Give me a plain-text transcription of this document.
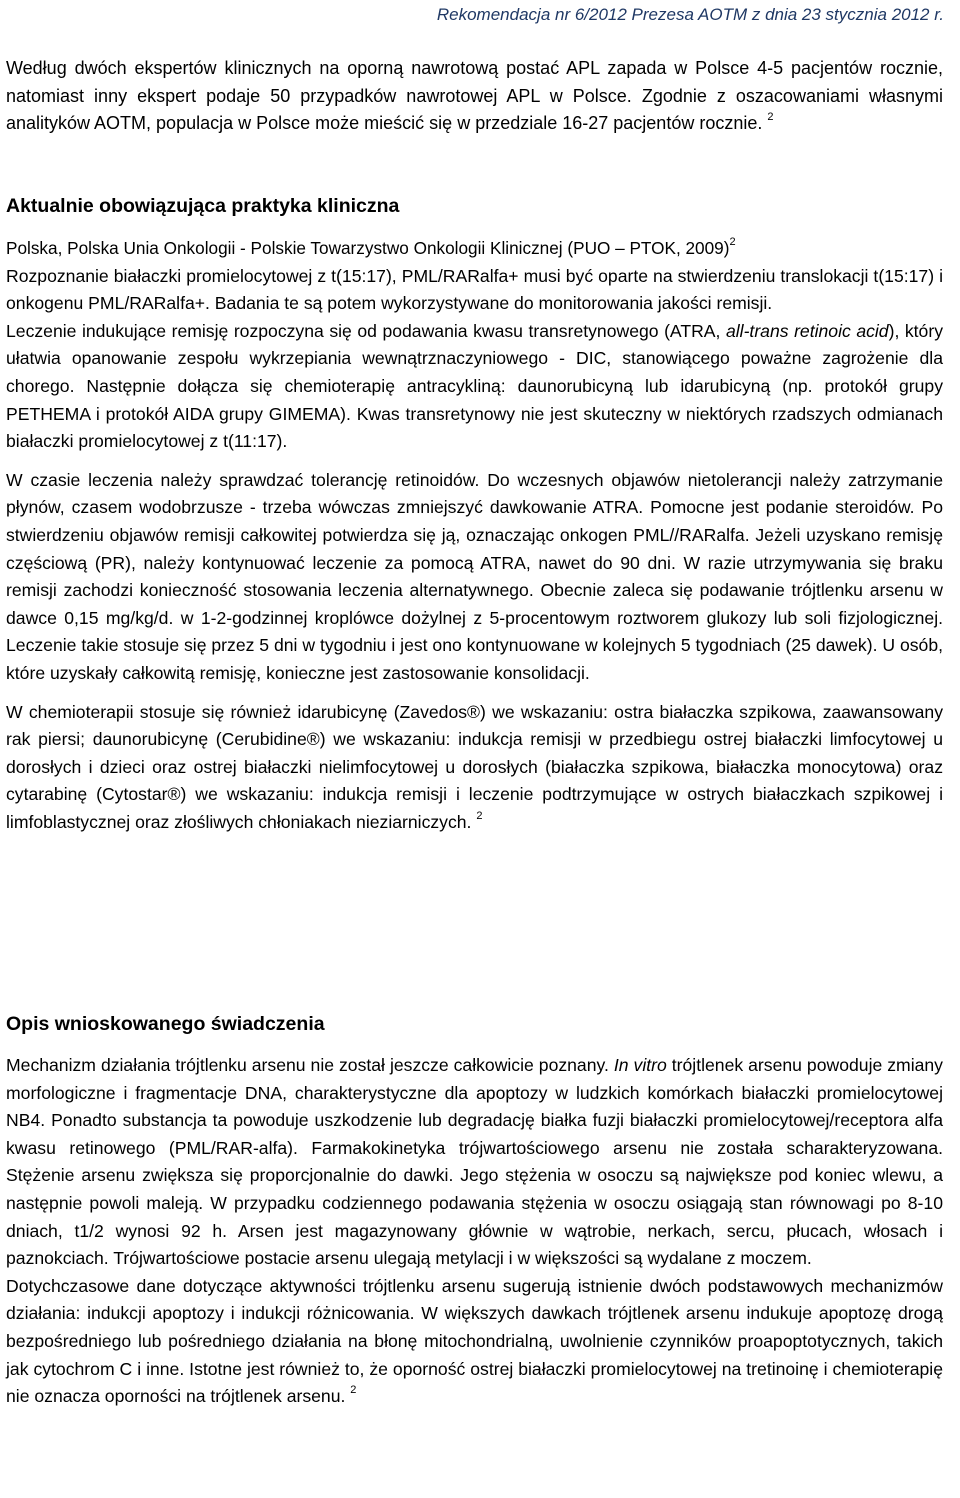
Rekomendacja nr 6/2012 Prezesa AOTM z dnia 23 stycznia 2012 r.

Według dwóch ekspertów klinicznych na oporną nawrotową postać APL zapada w Polsce 4-5 pacjentów rocznie, natomiast inny ekspert podaje 50 przypadków nawrotowej APL w Polsce. Zgodnie z oszacowaniami własnymi analityków AOTM, populacja w Polsce może mieścić się w przedziale 16-27 pacjentów rocznie. $^2$

Aktualnie obowiązująca praktyka kliniczna

Polska, Polska Unia Onkologii - Polskie Towarzystwo Onkologii Klinicznej (PUO – PTOK, 2009)$^2$

Rozpoznanie białaczki promielocytowej z t(15:17), PML/RARalfa+ musi być oparte na stwierdzeniu translokacji t(15:17) i onkogenu PML/RARalfa+. Badania te są potem wykorzystywane do monitorowania jakości remisji.

Leczenie indukujące remisję rozpoczyna się od podawania kwasu transretynowego (ATRA, all-trans retinoic acid), który ułatwia opanowanie zespołu wykrzepiania wewnątrznaczyniowego - DIC, stanowiącego poważne zagrożenie dla chorego. Następnie dołącza się chemioterapię antracykliną: daunorubicyną lub idarubicyną (np. protokół grupy PETHEMA i protokół AIDA grupy GIMEMA). Kwas transretynowy nie jest skuteczny w niektórych rzadszych odmianach białaczki promielocytowej z t(11:17).

W czasie leczenia należy sprawdzać tolerancję retinoidów. Do wczesnych objawów nietolerancji należy zatrzymanie płynów, czasem wodobrzusze - trzeba wówczas zmniejszyć dawkowanie ATRA. Pomocne jest podanie steroidów. Po stwierdzeniu objawów remisji całkowitej potwierdza się ją, oznaczając onkogen PML//RARalfa. Jeżeli uzyskano remisję częściową (PR), należy kontynuować leczenie za pomocą ATRA, nawet do 90 dni. W razie utrzymywania się braku remisji zachodzi konieczność stosowania leczenia alternatywnego. Obecnie zaleca się podawanie trójtlenku arsenu w dawce 0,15 mg/kg/d. w 1-2-godzinnej kroplówce dożylnej z 5-procentowym roztworem glukozy lub soli fizjologicznej. Leczenie takie stosuje się przez 5 dni w tygodniu i jest ono kontynuowane w kolejnych 5 tygodniach (25 dawek). U osób, które uzyskały całkowitą remisję, konieczne jest zastosowanie konsolidacji.

W chemioterapii stosuje się również idarubicynę (Zavedos®) we wskazaniu: ostra białaczka szpikowa, zaawansowany rak piersi; daunorubicynę (Cerubidine®) we wskazaniu: indukcja remisji w przedbiegu ostrej białaczki limfocytowej u dorosłych i dzieci oraz ostrej białaczki nielimfocytowej u dorosłych (białaczka szpikowa, białaczka monocytowa) oraz cytarabinę (Cytostar®) we wskazaniu: indukcja remisji i leczenie podtrzymujące w ostrych białaczkach szpikowej i limfoblastycznej oraz złośliwych chłoniakach nieziarniczych. $^2$

Opis wnioskowanego świadczenia

Mechanizm działania trójtlenku arsenu nie został jeszcze całkowicie poznany. In vitro trójtlenek arsenu powoduje zmiany morfologiczne i fragmentacje DNA, charakterystyczne dla apoptozy w ludzkich komórkach białaczki promielocytowej NB4. Ponadto substancja ta powoduje uszkodzenie lub degradację białka fuzji białaczki promielocytowej/receptora alfa kwasu retinowego (PML/RAR-alfa). Farmakokinetyka trójwartościowego arsenu nie została scharakteryzowana. Stężenie arsenu zwiększa się proporcjonalnie do dawki. Jego stężenia w osoczu są największe pod koniec wlewu, a następnie powoli maleją. W przypadku codziennego podawania stężenia w osoczu osiągają stan równowagi po 8-10 dniach, t1/2 wynosi 92 h. Arsen jest magazynowany głównie w wątrobie, nerkach, sercu, płucach, włosach i paznokciach. Trójwartościowe postacie arsenu ulegają metylacji i w większości są wydalane z moczem.

Dotychczasowe dane dotyczące aktywności trójtlenku arsenu sugerują istnienie dwóch podstawowych mechanizmów działania: indukcji apoptozy i indukcji różnicowania. W większych dawkach trójtlenek arsenu indukuje apoptozę drogą bezpośredniego lub pośredniego działania na błonę mitochondrialną, uwolnienie czynników proapoptotycznych, takich jak cytochrom C i inne. Istotne jest również to, że oporność ostrej białaczki promielocytowej na tretinoinę i chemioterapię nie oznacza oporności na trójtlenek arsenu. $^2$
